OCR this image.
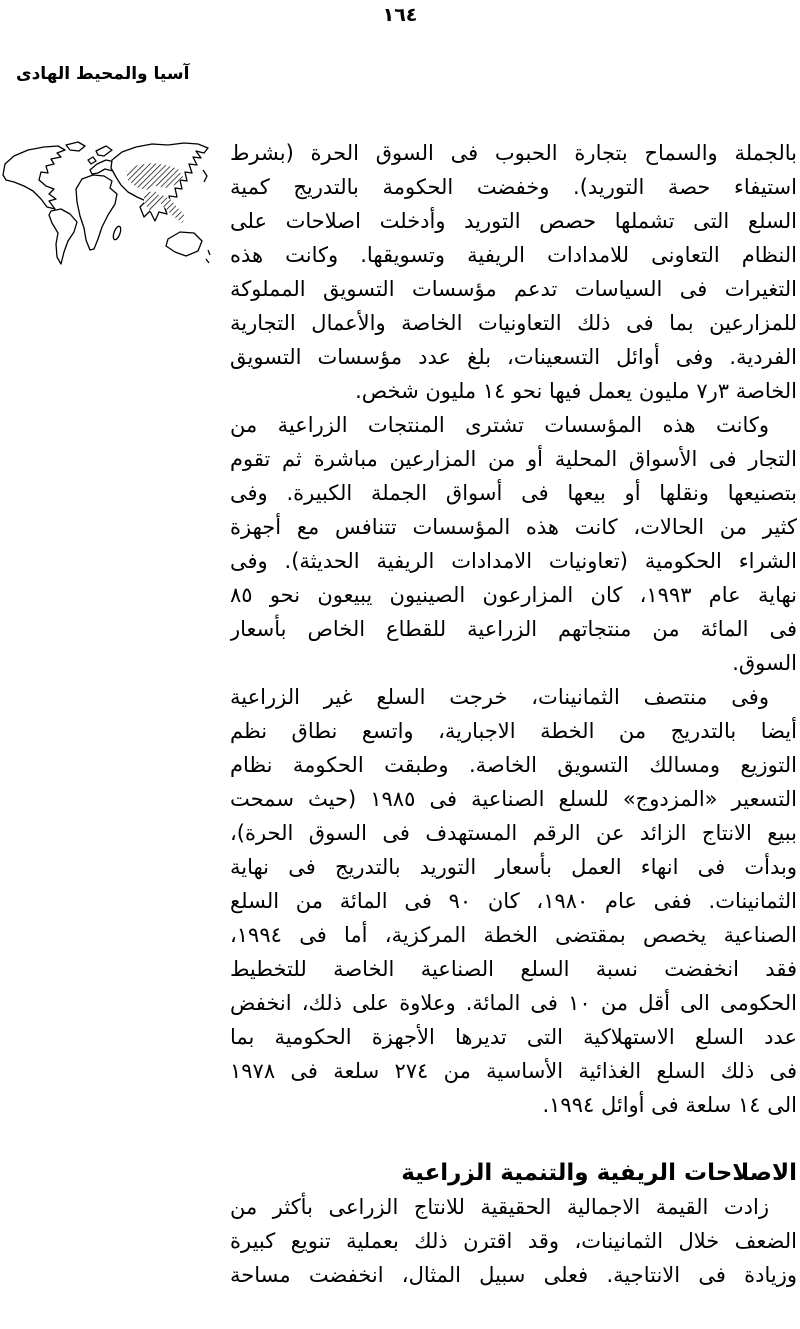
١٦٤
آسيا والمحيط الهادى
بالجملة والسماح بتجارة الحبوب فى السوق الحرة (بشرط
استيفاء حصة التوريد). وخفضت الحكومة بالتدريج كمية
السلع التى تشملها حصص التوريد وأدخلت اصلاحات على
النظام التعاونى للامدادات الريفية وتسويقها. وكانت هذه
التغيرات فى السياسات تدعم مؤسسات التسويق المملوكة
للمزارعين بما فى ذلك التعاونيات الخاصة والأعمال التجارية
الفردية. وفى أوائل التسعينات، بلغ عدد مؤسسات التسويق
الخاصة ٣ر٧ مليون يعمل فيها نحو ١٤ مليون شخص.
وكانت هذه المؤسسات تشترى المنتجات الزراعية من
التجار فى الأسواق المحلية أو من المزارعين مباشرة ثم تقوم
بتصنيعها ونقلها أو بيعها فى أسواق الجملة الكبيرة. وفى
كثير من الحالات، كانت هذه المؤسسات تتنافس مع أجهزة
الشراء الحكومية (تعاونيات الامدادات الريفية الحديثة). وفى
نهاية عام ١٩٩٣، كان المزارعون الصينيون يبيعون نحو ٨٥
فى المائة من منتجاتهم الزراعية للقطاع الخاص بأسعار
السوق.
وفى منتصف الثمانينات، خرجت السلع غير الزراعية
أيضا بالتدريج من الخطة الاجبارية، واتسع نطاق نظم
التوزيع ومسالك التسويق الخاصة. وطبقت الحكومة نظام
التسعير «المزدوج» للسلع الصناعية فى ١٩٨٥ (حيث سمحت
ببيع الانتاج الزائد عن الرقم المستهدف فى السوق الحرة)،
وبدأت فى انهاء العمل بأسعار التوريد بالتدريج فى نهاية
الثمانينات. ففى عام ١٩٨٠، كان ٩٠ فى المائة من السلع
الصناعية يخصص بمقتضى الخطة المركزية، أما فى ١٩٩٤،
فقد انخفضت نسبة السلع الصناعية الخاصة للتخطيط
الحكومى الى أقل من ١٠ فى المائة. وعلاوة على ذلك، انخفض
عدد السلع الاستهلاكية التى تديرها الأجهزة الحكومية بما
فى ذلك السلع الغذائية الأساسية من ٢٧٤ سلعة فى ١٩٧٨
الى ١٤ سلعة فى أوائل ١٩٩٤.
الاصلاحات الريفية والتنمية الزراعية
زادت القيمة الاجمالية الحقيقية للانتاج الزراعى بأكثر من
الضعف خلال الثمانينات، وقد اقترن ذلك بعملية تنويع كبيرة
وزيادة فى الانتاجية. فعلى سبيل المثال، انخفضت مساحة
